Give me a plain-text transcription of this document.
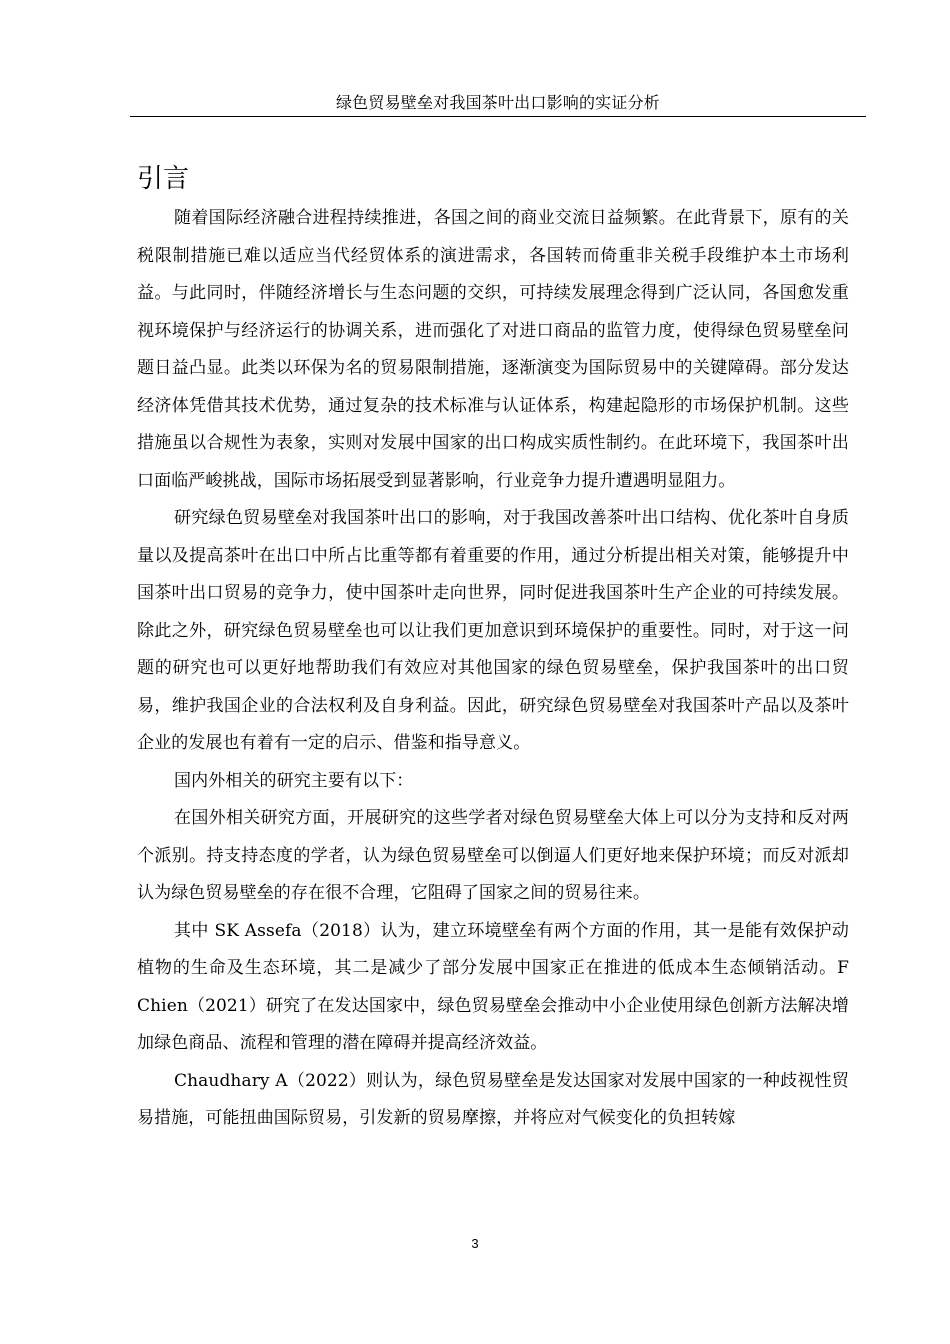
绿色贸易壁垒对我国茶叶出口影响的实证分析
引言

随着国际经济融合进程持续推进，各国之间的商业交流日益频繁。在此背景下，原有的关税限制措施已难以适应当代经贸体系的演进需求，各国转而倚重非关税手段维护本土市场利益。与此同时，伴随经济增长与生态问题的交织，可持续发展理念得到广泛认同，各国愈发重视环境保护与经济运行的协调关系，进而强化了对进口商品的监管力度，使得绿色贸易壁垒问题日益凸显。此类以环保为名的贸易限制措施，逐渐演变为国际贸易中的关键障碍。部分发达经济体凭借其技术优势，通过复杂的技术标准与认证体系，构建起隐形的市场保护机制。这些措施虽以合规性为表象，实则对发展中国家的出口构成实质性制约。在此环境下，我国茶叶出口面临严峻挑战，国际市场拓展受到显著影响，行业竞争力提升遭遇明显阻力。

研究绿色贸易壁垒对我国茶叶出口的影响，对于我国改善茶叶出口结构、优化茶叶自身质量以及提高茶叶在出口中所占比重等都有着重要的作用，通过分析提出相关对策，能够提升中国茶叶出口贸易的竞争力，使中国茶叶走向世界，同时促进我国茶叶生产企业的可持续发展。除此之外，研究绿色贸易壁垒也可以让我们更加意识到环境保护的重要性。同时，对于这一问题的研究也可以更好地帮助我们有效应对其他国家的绿色贸易壁垒，保护我国茶叶的出口贸易，维护我国企业的合法权利及自身利益。因此，研究绿色贸易壁垒对我国茶叶产品以及茶叶企业的发展也有着有一定的启示、借鉴和指导意义。

国内外相关的研究主要有以下：

在国外相关研究方面，开展研究的这些学者对绿色贸易壁垒大体上可以分为支持和反对两个派别。持支持态度的学者，认为绿色贸易壁垒可以倒逼人们更好地来保护环境；而反对派却认为绿色贸易壁垒的存在很不合理，它阻碍了国家之间的贸易往来。

其中 SK Assefa（2018）认为，建立环境壁垒有两个方面的作用，其一是能有效保护动植物的生命及生态环境，其二是减少了部分发展中国家正在推进的低成本生态倾销活动。F Chien（2021）研究了在发达国家中，绿色贸易壁垒会推动中小企业使用绿色创新方法解决增加绿色商品、流程和管理的潜在障碍并提高经济效益。

Chaudhary A（2022）则认为，绿色贸易壁垒是发达国家对发展中国家的一种歧视性贸易措施，可能扭曲国际贸易，引发新的贸易摩擦，并将应对气候变化的负担转嫁

3
